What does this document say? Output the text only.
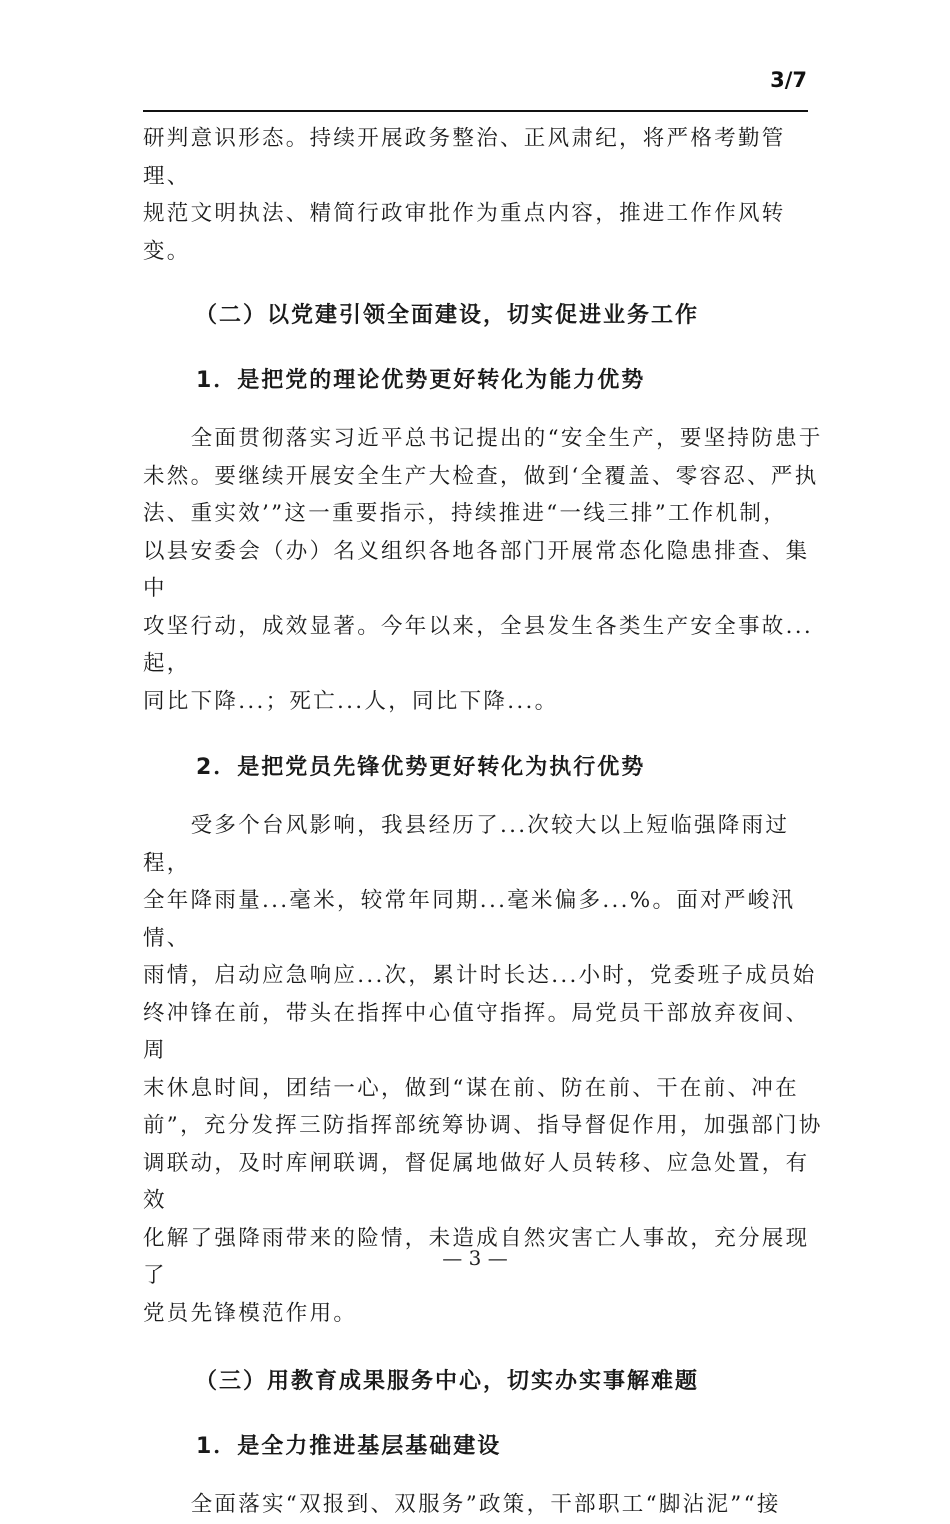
3/7

研判意识形态。持续开展政务整治、正风肃纪，将严格考勤管理、
规范文明执法、精简行政审批作为重点内容，推进工作作风转变。

（二）以党建引领全面建设，切实促进业务工作
1．是把党的理论优势更好转化为能力优势

　　全面贯彻落实习近平总书记提出的“安全生产，要坚持防患于
未然。要继续开展安全生产大检查，做到‘全覆盖、零容忍、严执
法、重实效’”这一重要指示，持续推进“一线三排”工作机制，
以县安委会（办）名义组织各地各部门开展常态化隐患排查、集中
攻坚行动，成效显著。今年以来，全县发生各类生产安全事故...起，
同比下降...；死亡...人，同比下降...。

2．是把党员先锋优势更好转化为执行优势

　　受多个台风影响，我县经历了...次较大以上短临强降雨过程，
全年降雨量...毫米，较常年同期...毫米偏多...%。面对严峻汛情、
雨情，启动应急响应...次，累计时长达...小时，党委班子成员始
终冲锋在前，带头在指挥中心值守指挥。局党员干部放弃夜间、周
末休息时间，团结一心，做到“谋在前、防在前、干在前、冲在
前”，充分发挥三防指挥部统筹协调、指导督促作用，加强部门协
调联动，及时库闸联调，督促属地做好人员转移、应急处置，有效
化解了强降雨带来的险情，未造成自然灾害亡人事故，充分展现了
党员先锋模范作用。

（三）用教育成果服务中心，切实办实事解难题
1．是全力推进基层基础建设

　　全面落实“双报到、双服务”政策，干部职工“脚沾泥”“接

— 3 —
